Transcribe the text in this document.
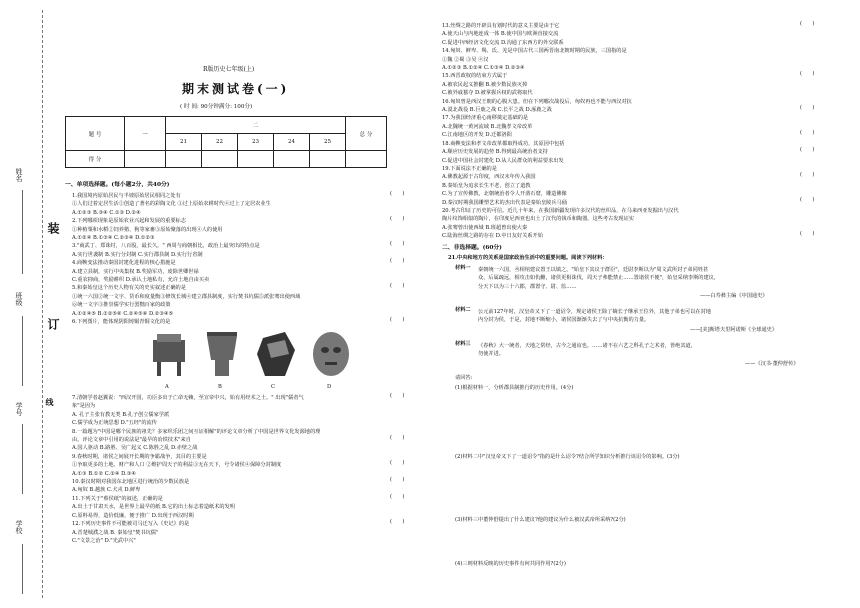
姓名
班级
学号
学校
装
订
线
R版历史七年级(上)
期末测试卷(一)
( 时 间: 90分钟满分: 100分)
题 号	一	二					总 分
		21	22	23	24	25	
得 分							
一、单项选择题。(每小题2分，共40分)
1.我国境内原始居民与半坡原始居民相同之处有
①人们过着定居生活②创造了著名的彩陶文化 ③过上原始农耕时代④过上了定居农业生
A.①②③ B.③④ C.①③ D.②④
2.下列哪项现象是原始农业兴起和发展的重要标志
①种植粟和水稻②饲养猪、狗等家畜③原始聚落的出现④人的使用
A.①②④ B.①③④ C.②③④ D.①②③
3."商武丁、郑诛纣，八百股，最长久。" 西周与商朝相比，政治上最突出的特点是
A.实行世袭制 B.实行分封制 C.实行郡县制 D.实行行省制
4.商鞅变法推动秦国封建化进程的核心措施是
A.建立县制，实行中央集权 B.奖励军功，废除世卿世禄
C.重农抑商，奖励耕织 D.承认土地私有，允许土地自由买卖
5.和秦始皇这个历史人物有关的史实叙述正确的是
①统一六国②统一文字、货币和度量衡③修筑长城④建立郡县制度，实行焚书坑儒⑤派张骞出使西域
⑥统一文字③推崇儒学实行罢黜百家的政策
A.①②④⑤ B.①②⑤⑥ C.②④⑤⑥ D.②③④⑤
6.下列图片，能体现阴阳铸铜青铜文化的是
(　　)
(　　)
(　　)
(　　)
(　　)
(　　)
A	B	C	D
7.清朝学者赵翼说："西汉开国，功臣多出于亡命无赖，至宣帝中兴，始有用经术之士。" 出现"儒者气
象"是因为
A. 孔子主张有教无类 B.孔子创立儒家学派
C.儒学成为正统思想 D."五经"的流传
8.一篇题为"中国是哪个民族的祖先？多家织乐团之间互证相解"的评论文章分析了中国是世界文化发源地的理
由。评论文章中引用的说法是"最早的冶铁技术"来自
A.国人驱动 B.路胜、吴广起义 C.陈胜之乱 D.赤壁之战
9.春秋时期，诸侯之间展开长期的争霸战争，其目的主要是
①争取更多的土地、财产和人口 ②维护周天子的利益③无在天下，号令诸侯④保障分封制度
A.①③ B.①② C.②④ D.③④
10.秦汉时期对我国东北地区进行统治的少数民族是
A.匈奴 B.越族 C.犬戎 D.鲜卑
11.下列关于"蔡侯纸"的叙述，正确的是
A.出土于甘肃天水，是世界上最早的纸 B.它的出土标志着造纸术的发明
C.原料易得，造价低廉，便于推广 D.出现于西汉时期
12.下列历史事件不可能被司马迁写入《史记》的是
A.晋楚城濮之战 B. 秦始皇"焚书坑儒"
C."文景之治" D."光武中兴"
(　　)
(　　)
(　　)
(　　)
(　　)
(　　)
13.丝绸之路的开辟具有划时代的意义主要是由于它
A.使天山与内地连成一体 B.使中国与欧洲直接交流
C.促进中西经济文化交流 D.沟通了东西方的外交联系
14.匈奴、鲜卑、羯、氐、羌是中国古代三国两晋南北朝时期的民族，三国指的是
①魏 ②蜀 ③吴 ④汉
A.①②③ B.①②④ C.①③④ D.②③④
15.西晋政权的结束方式属于
A.被农民起义推翻 B.被少数民族灭掉
C.被外戚篡夺 D.被掌握兵权的武将取代
16.匈奴曾是西汉王朝的心腹大患。但在下列哪次战役后，匈奴再也不能与西汉对抗
A.漠北战役 B.巨鹿之战 C.长平之战 D.涿鹿之战
17.为我国经济重心南移奠定基础的是
A.北魏统一黄河流域 B.北魏孝文帝改革
C.江南地区的开发 D.迁都洛阳
18.商鞅变法和孝文帝改革都取得成功，其原因中包括
A.顺应历史发展的趋势 B.得到最高统治者支持
C.促进中国社会封建化 D.从人民群众的利益要求出发
19.下面说法不正确的是
A.佛教起源于古印度，西汉末年传入我国
B.秦始皇为追求长生不老，创立了道教
C.为了宣传佛教，北朝统治者令人开凿石窟，雕造佛像
D.秦汉时期我国雕塑艺术的杰出代表是秦始皇陵兵马俑
20.考古印证了历史的可信。近几十年来，在我国新疆发现许多汉代的丝织品，在马来西亚发掘出与汉代
陶片纹饰相似的陶片，在印度尼西亚也出土了汉代的钱币和陶器。这些考古发现证实
A.张骞曾出使西域 B.班超曾出使大秦
C.陆海丝绸之路的存在 D.中日友好关系开始
(　　)
(　　)
(　　)
(　　)
(　　)
(　　)
(　　)
(　　)
二、非选择题。(60分)
21.中央和地方的关系是国家政治生活中的重要问题。阅读下列材料：
材料一 秦朝统一六国，丞相绾建议置王以镇之，"始皇下其议于群臣"，廷尉李斯以为"周文武所封子弟同姓甚
众，后属疏远，相攻击如仇雠，诸侯更相诛伐，周天子弗能禁止……置诸侯不便"，始皇采纳李斯的建议，
分天下以为三十六郡，郡置守、尉、监……
——白寿彝主编《中国通史》
材料二 公元前127年时，汉皇帝又下了一道诏令，规定诸侯王除了嫡长子继承王位外，其他子弟也可以在封地
内分封为侯，于是，封地不断缩小，诸侯国渐渐失去了与中央抗衡的力量。
——[美]斯塔夫里阿诺斯《全球通史》
材料三 《春秋》大一统者，天地之常经，古今之通谊也。……诸不在六艺之科孔子之术者，皆绝其道，
勿使并进。
——《汉书·董仲舒传》
请回答:
(1)根据材料一，分析郡县制推行的历史作用。(4分)
(2)材料二中"汉皇帝又下了一道诏令"指的是什么诏令?结合所学知识分析推行该诏令的影响。(3分)
(3)材料三中董仲舒提出了什么建议?他的建议为什么被汉武帝所采纳?(2分)
(4)三则材料反映的历史事件有何共同作用?(2分)
